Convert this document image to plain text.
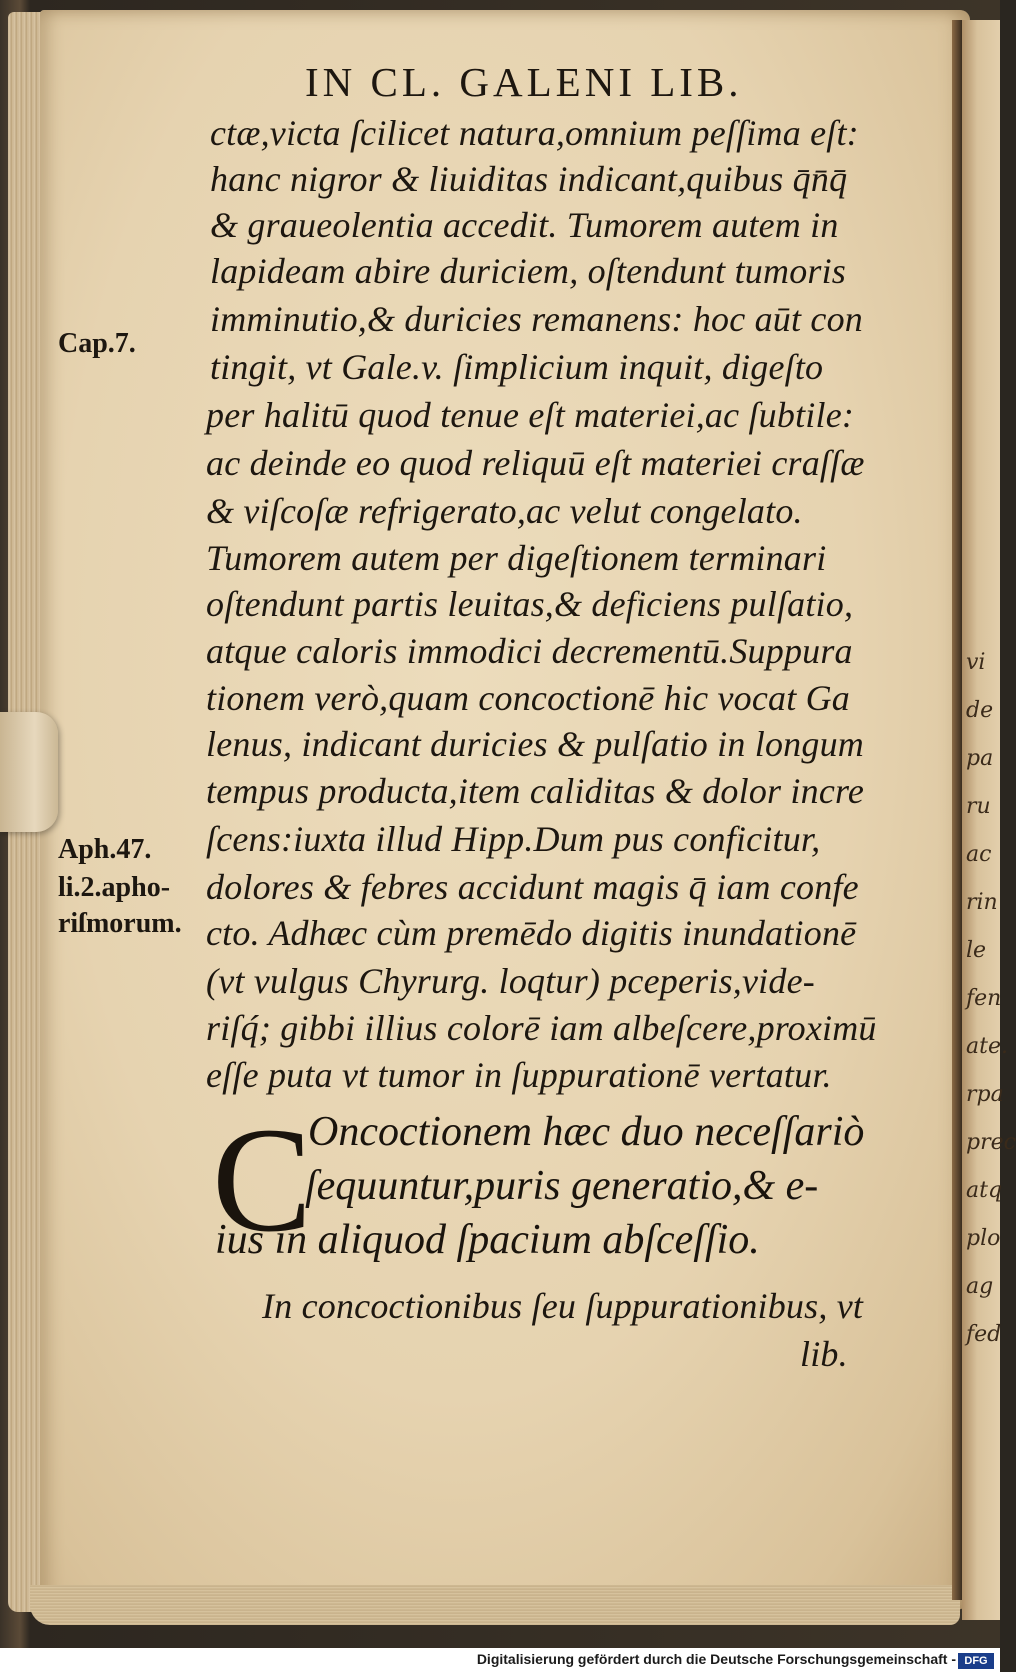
vi
de
pa
ru
ac
rin
le
fen
ate.
rpa
prec
atq
plo
ag
fed
IN CL. GALENI LIB.
ctæ,victa ſcilicet natura,omnium peſſima eſt:
hanc nigror & liuiditas indicant,quibus q̄n̄q̄
& graueolentia accedit. Tumorem autem in
lapideam abire duriciem, oſtendunt tumoris
imminutio,& duricies remanens: hoc aūt con
tingit, vt Gale.v. ſimplicium inquit, digeſto
per halitū quod tenue eſt materiei,ac ſubtile:
ac deinde eo quod reliquū eſt materiei craſſæ
& viſcoſæ refrigerato,ac velut congelato.
Tumorem autem per digeſtionem terminari
oſtendunt partis leuitas,& deficiens pulſatio,
atque caloris immodici decrementū.Suppura
tionem verò,quam concoctionē hic vocat Ga
lenus, indicant duricies & pulſatio in longum
tempus producta,item caliditas & dolor incre
ſcens:iuxta illud Hipp.Dum pus conficitur,
dolores & febres accidunt magis q̄ iam confe
cto. Adhæc cùm premēdo digitis inundationē
(vt vulgus Chyrurg. loqtur) pceperis,vide-
riſq́; gibbi illius colorē iam albeſcere,proximū
eſſe puta vt tumor in ſuppurationē vertatur.
Cap.7.
Aph.47.
li.2.apho-
riſmorum.
C
Oncoctionem hæc duo neceſſariò
ſequuntur,puris generatio,& e-
ius in aliquod ſpacium abſceſſio.
In concoctionibus ſeu ſuppurationibus, vt
lib.
Digitalisierung gefördert durch die Deutsche Forschungsgemeinschaft - DFG
